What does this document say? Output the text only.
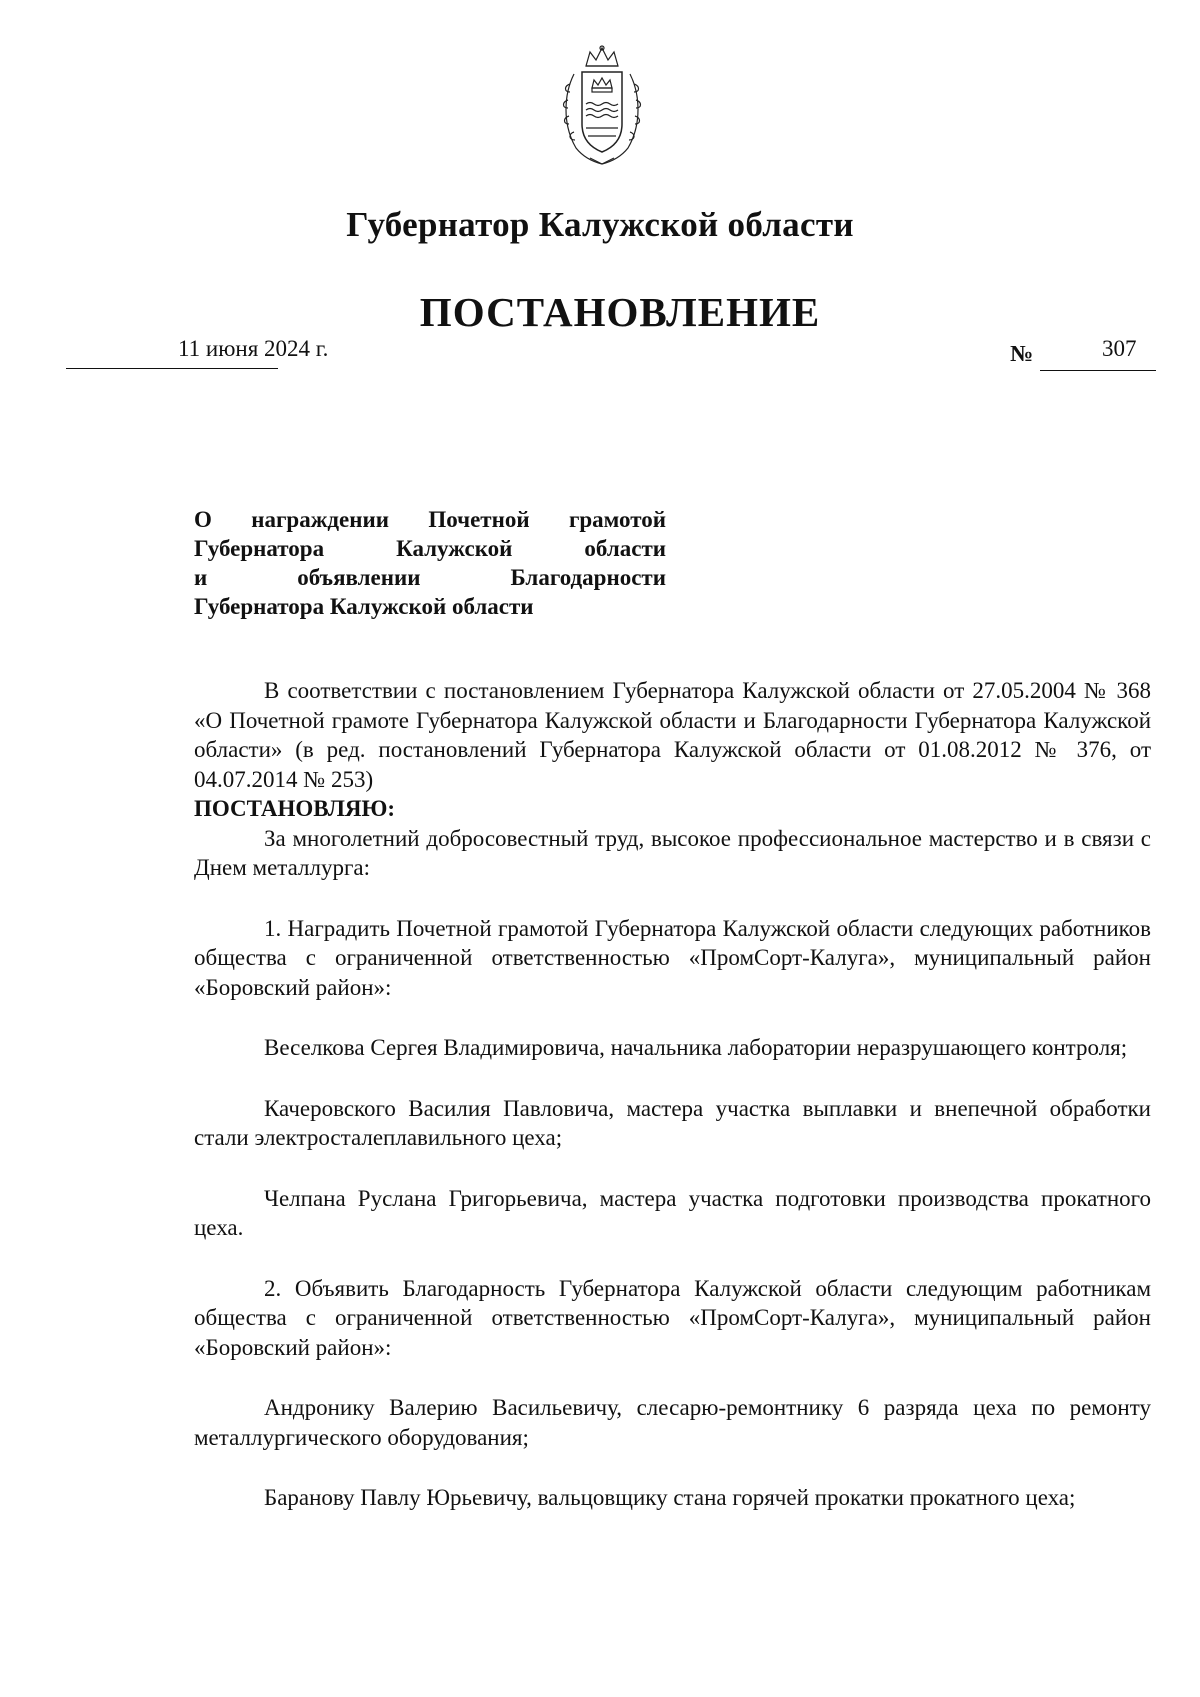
Губернатор Калужской области
ПОСТАНОВЛЕНИЕ
11 июня 2024 г.	№	307
О награждении Почетной грамотой
Губернатора Калужской области
и объявлении Благодарности
Губернатора Калужской области

В соответствии с постановлением Губернатора Калужской области от 27.05.2004 № 368 «О Почетной грамоте Губернатора Калужской области и Благодарности Губернатора Калужской области» (в ред. постановлений Губернатора Калужской области от 01.08.2012 № 376, от 04.07.2014 № 253)

ПОСТАНОВЛЯЮ:

За многолетний добросовестный труд, высокое профессиональное мастерство и в связи с Днем металлурга:

1. Наградить Почетной грамотой Губернатора Калужской области следующих работников общества с ограниченной ответственностью «ПромСорт-Калуга», муниципальный район «Боровский район»:

Веселкова Сергея Владимировича, начальника лаборатории неразрушающего контроля;

Качеровского Василия Павловича, мастера участка выплавки и внепечной обработки стали электросталеплавильного цеха;

Челпана Руслана Григорьевича, мастера участка подготовки производства прокатного цеха.

2. Объявить Благодарность Губернатора Калужской области следующим работникам общества с ограниченной ответственностью «ПромСорт-Калуга», муниципальный район «Боровский район»:

Андронику Валерию Васильевичу, слесарю-ремонтнику 6 разряда цеха по ремонту металлургического оборудования;

Баранову Павлу Юрьевичу, вальцовщику стана горячей прокатки прокатного цеха;
